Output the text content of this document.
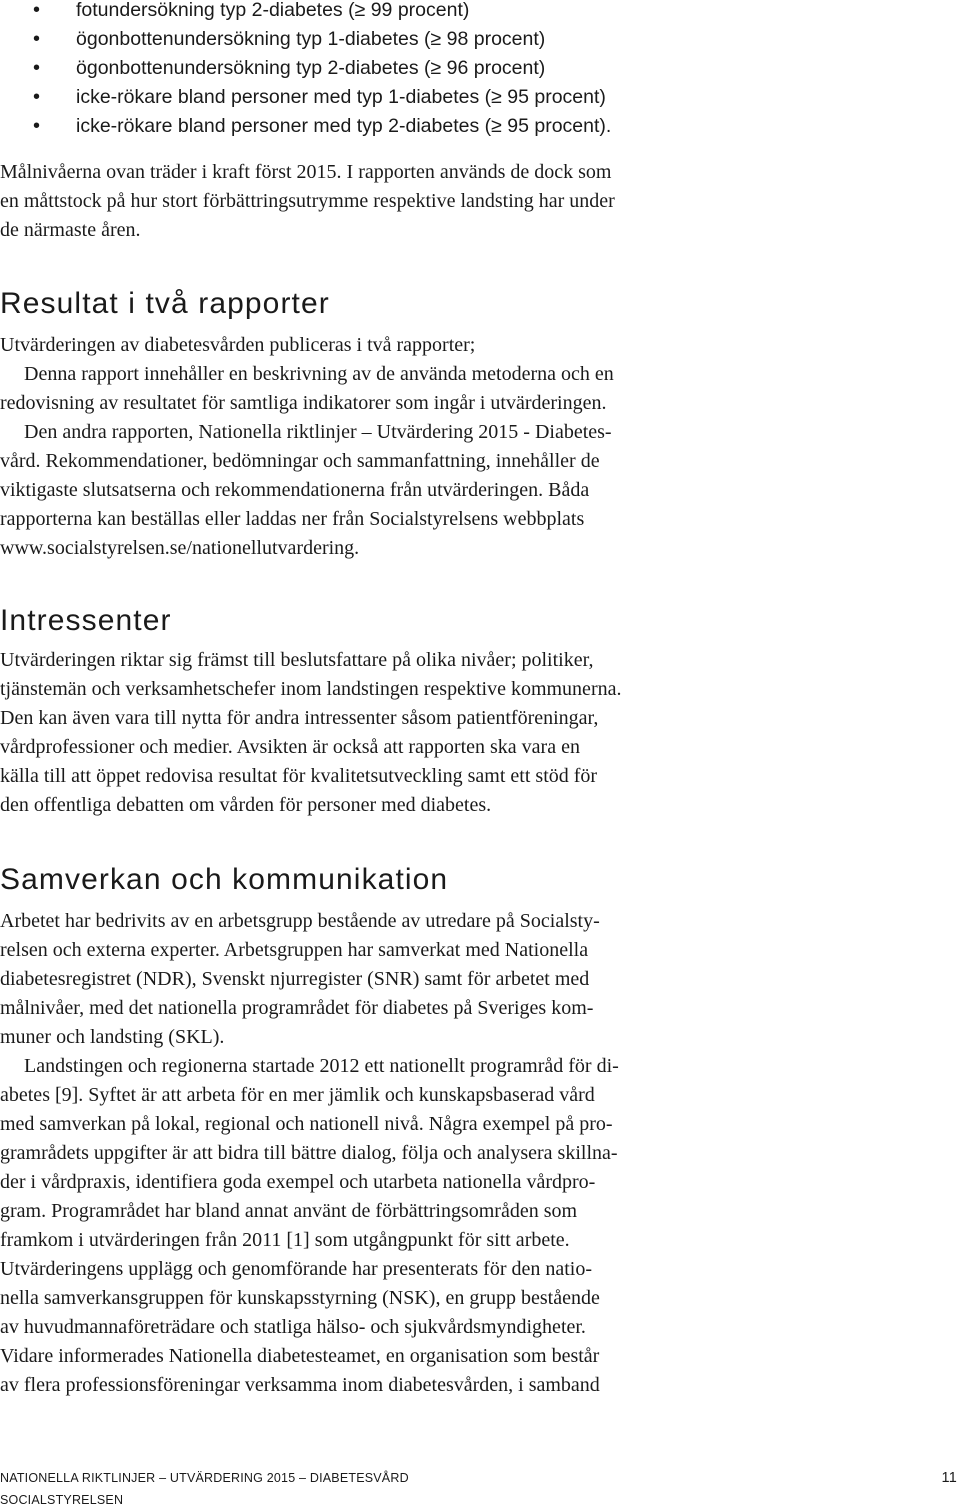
• fotundersökning typ 2-diabetes (≥ 99 procent)
• ögonbottenundersökning typ 1-diabetes (≥ 98 procent)
• ögonbottenundersökning typ 2-diabetes (≥ 96 procent)
• icke-rökare bland personer med typ 1-diabetes (≥ 95 procent)
• icke-rökare bland personer med typ 2-diabetes (≥ 95 procent).

Målnivåerna ovan träder i kraft först 2015. I rapporten används de dock som
en måttstock på hur stort förbättringsutrymme respektive landsting har under
de närmaste åren.

Resultat i två rapporter

Utvärderingen av diabetesvården publiceras i två rapporter;

Denna rapport innehåller en beskrivning av de använda metoderna och en
redovisning av resultatet för samtliga indikatorer som ingår i utvärderingen.

Den andra rapporten, Nationella riktlinjer – Utvärdering 2015 - Diabetes-
vård. Rekommendationer, bedömningar och sammanfattning, innehåller de
viktigaste slutsatserna och rekommendationerna från utvärderingen. Båda
rapporterna kan beställas eller laddas ner från Socialstyrelsens webbplats
www.socialstyrelsen.se/nationellutvardering.

Intressenter

Utvärderingen riktar sig främst till beslutsfattare på olika nivåer; politiker,
tjänstemän och verksamhetschefer inom landstingen respektive kommunerna.
Den kan även vara till nytta för andra intressenter såsom patientföreningar,
vårdprofessioner och medier. Avsikten är också att rapporten ska vara en
källa till att öppet redovisa resultat för kvalitetsutveckling samt ett stöd för
den offentliga debatten om vården för personer med diabetes.

Samverkan och kommunikation

Arbetet har bedrivits av en arbetsgrupp bestående av utredare på Socialsty-
relsen och externa experter. Arbetsgruppen har samverkat med Nationella
diabetesregistret (NDR), Svenskt njurregister (SNR) samt för arbetet med
målnivåer, med det nationella programrådet för diabetes på Sveriges kom-
muner och landsting (SKL).

Landstingen och regionerna startade 2012 ett nationellt programråd för di-
abetes [9]. Syftet är att arbeta för en mer jämlik och kunskapsbaserad vård
med samverkan på lokal, regional och nationell nivå. Några exempel på pro-
gramrådets uppgifter är att bidra till bättre dialog, följa och analysera skillna-
der i vårdpraxis, identifiera goda exempel och utarbeta nationella vårdpro-
gram. Programrådet har bland annat använt de förbättringsområden som
framkom i utvärderingen från 2011 [1] som utgångpunkt för sitt arbete.
Utvärderingens upplägg och genomförande har presenterats för den natio-
nella samverkansgruppen för kunskapsstyrning (NSK), en grupp bestående
av huvudmannaföreträdare och statliga hälso- och sjukvårdsmyndigheter.
Vidare informerades Nationella diabetesteamet, en organisation som består
av flera professionsföreningar verksamma inom diabetesvården, i samband

NATIONELLA RIKTLINJER – UTVÄRDERING 2015 – DIABETESVÅRD	11
SOCIALSTYRELSEN
